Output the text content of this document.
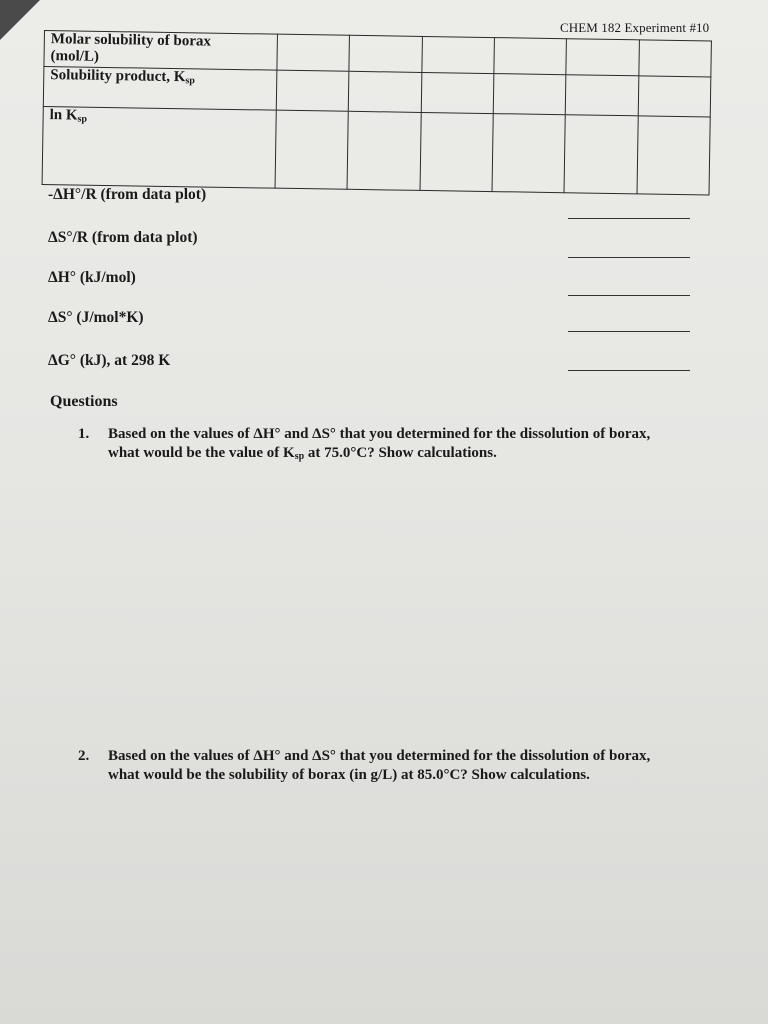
CHEM 182 Experiment #10
Molar solubility of borax
(mol/L)						

Solubility product, $K_{sp}$						
$\ln K_{sp}$						
-ΔH°/R (from data plot)
ΔS°/R (from data plot)
ΔH° (kJ/mol)
ΔS° (J/mol*K)
ΔG° (kJ), at 298 K
Questions
1. Based on the values of ΔH° and ΔS° that you determined for the dissolution of borax,
what would be the value of $K_{sp}$ at 75.0°C? Show calculations.
2. Based on the values of ΔH° and ΔS° that you determined for the dissolution of borax,
what would be the solubility of borax (in g/L) at 85.0°C? Show calculations.
